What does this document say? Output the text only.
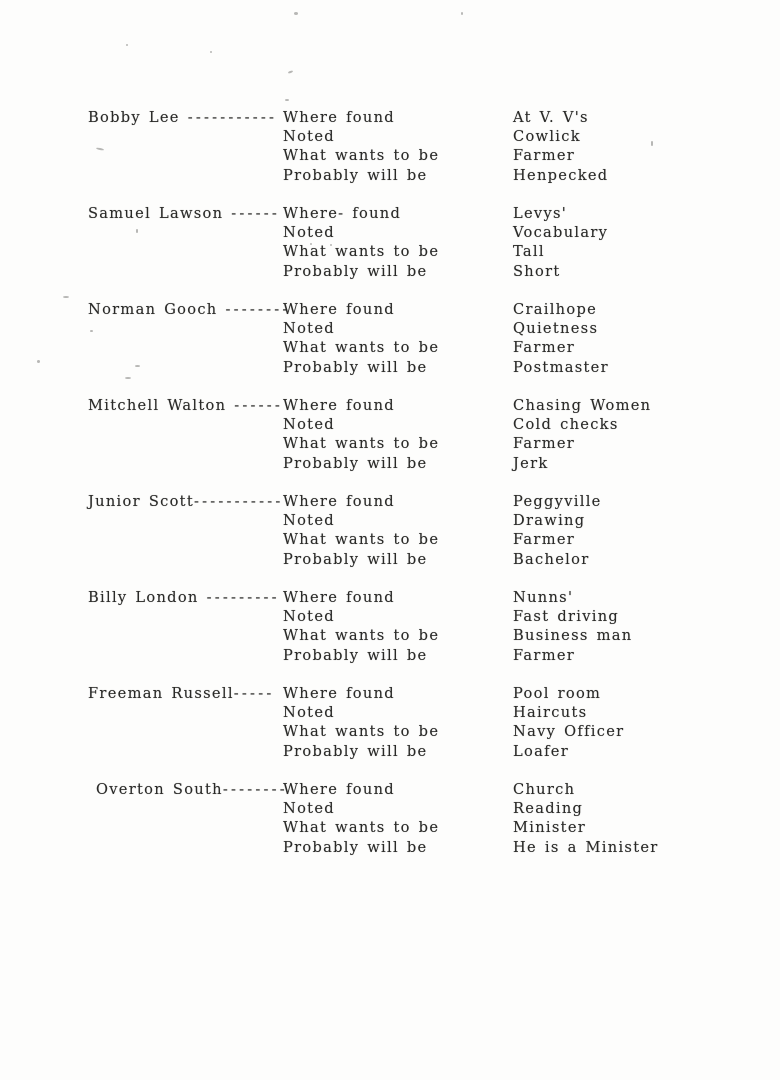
Bobby Lee ----------- Where found
Noted
What wants to be
Probably will be
At V. V's
Cowlick
Farmer
Henpecked
Samuel Lawson ------ Where- found
Noted
What wants to be
Probably will be
Levys'
Vocabulary
Tall
Short
Norman Gooch --------
Where found
Noted
What wants to be
Probably will be
Crailhope
Quietness
Farmer
Postmaster
Mitchell Walton ------ Where found
Noted
What wants to be
Probably will be
Chasing Women
Cold checks
Farmer
Jerk
Junior Scott----------- Where found
Noted
What wants to be
Probably will be
Peggyville
Drawing
Farmer
Bachelor
Billy London --------- Where found
Noted
What wants to be
Probably will be
Nunns'
Fast driving
Business man
Farmer
Freeman Russell----- Where found
Noted
What wants to be
Probably will be
Pool room
Haircuts
Navy Officer
Loafer
Overton South--------
Where found
Noted
What wants to be
Probably will be
Church
Reading
Minister
He is a Minister
